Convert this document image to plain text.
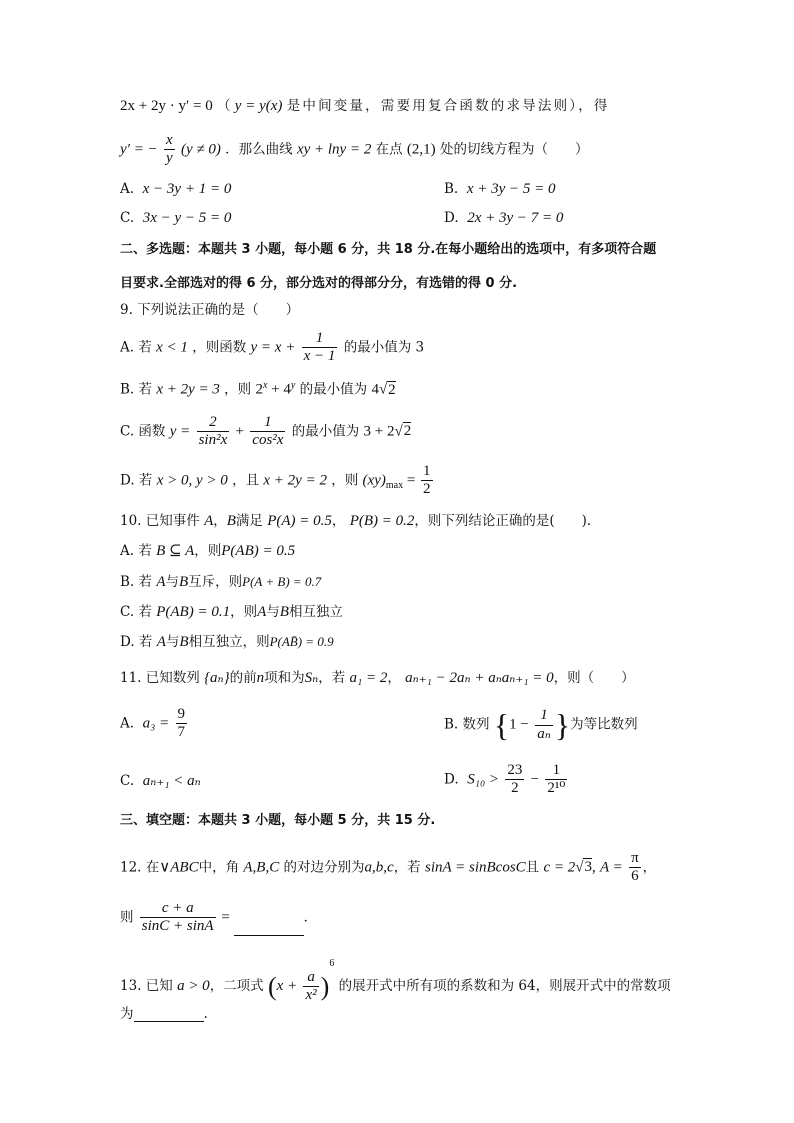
2x + 2y · y′ = 0 （ y = y(x) 是中间变量，需要用复合函数的求导法则），得
y′ = − $\frac{x}{y} (y \ne 0)$ ．那么曲线 xy + lny = 2 在点 (2,1) 处的切线方程为（　　）
A. x − 3y + 1 = 0	B. x + 3y − 5 = 0
C. 3x − y − 5 = 0	D. 2x + 3y − 7 = 0
二、多选题：本题共 3 小题，每小题 6 分，共 18 分.在每小题给出的选项中，有多项符合题
目要求.全部选对的得 6 分，部分选对的得部分分，有选错的得 0 分.
9. 下列说法正确的是（　　）
A. 若 x < 1 ，则函数 $y = x + \frac{1}{x - 1}$ 的最小值为 3
B. 若 x + 2y = 3 ，则 $2^x + 4^y$ 的最小值为 4√2
C. 函数 $y = \frac{2}{\text{sin²x}} + \frac{1}{\text{cos²x}}$ 的最小值为 3 + 2√2
D. 若 x > 0, y > 0 ，且 x + 2y = 2 ，则 $(xy)_{max} = \frac{1}{2}$
10. 已知事件 A，B满足 P(A) = 0.5， P(B) = 0.2，则下列结论正确的是(　　).
A. 若 B ⊆ A，则P(AB) = 0.5
B. 若 A与B互斥，则P(A + B) = 0.7
C. 若 P(AB) = 0.1，则A与B相互独立
D. 若 A与B相互独立，则P(AB̄) = 0.9
11. 已知数列 {aₙ}的前n项和为Sₙ，若 a₁ = 2， aₙ₊₁ − 2aₙ + aₙaₙ₊₁ = 0，则（　　）
A. $a_3 = \frac{9}{7}$	B. 数列 {$1 - \frac{1}{\text{aₙ}}$ }为等比数列
C. aₙ₊₁ < aₙ	D. $S_{10} > \frac{23}{2} - \frac{1}{\text{2¹⁰}}$
三、填空题：本题共 3 小题，每小题 5 分，共 15 分.
12. 在∨ABC中，角 A,B,C 的对边分别为a,b,c，若 sinA = sinBcosC且 c = 2√3, $A = \frac{\pi}{6}$ ，
则 $\frac{c + a}{\sin C + \sin A}$ =	．
13. 已知 a > 0，二项式 $(x + \frac{a}{\text{x²}} )^6$ 的展开式中所有项的系数和为 64，则展开式中的常数项
为	.
